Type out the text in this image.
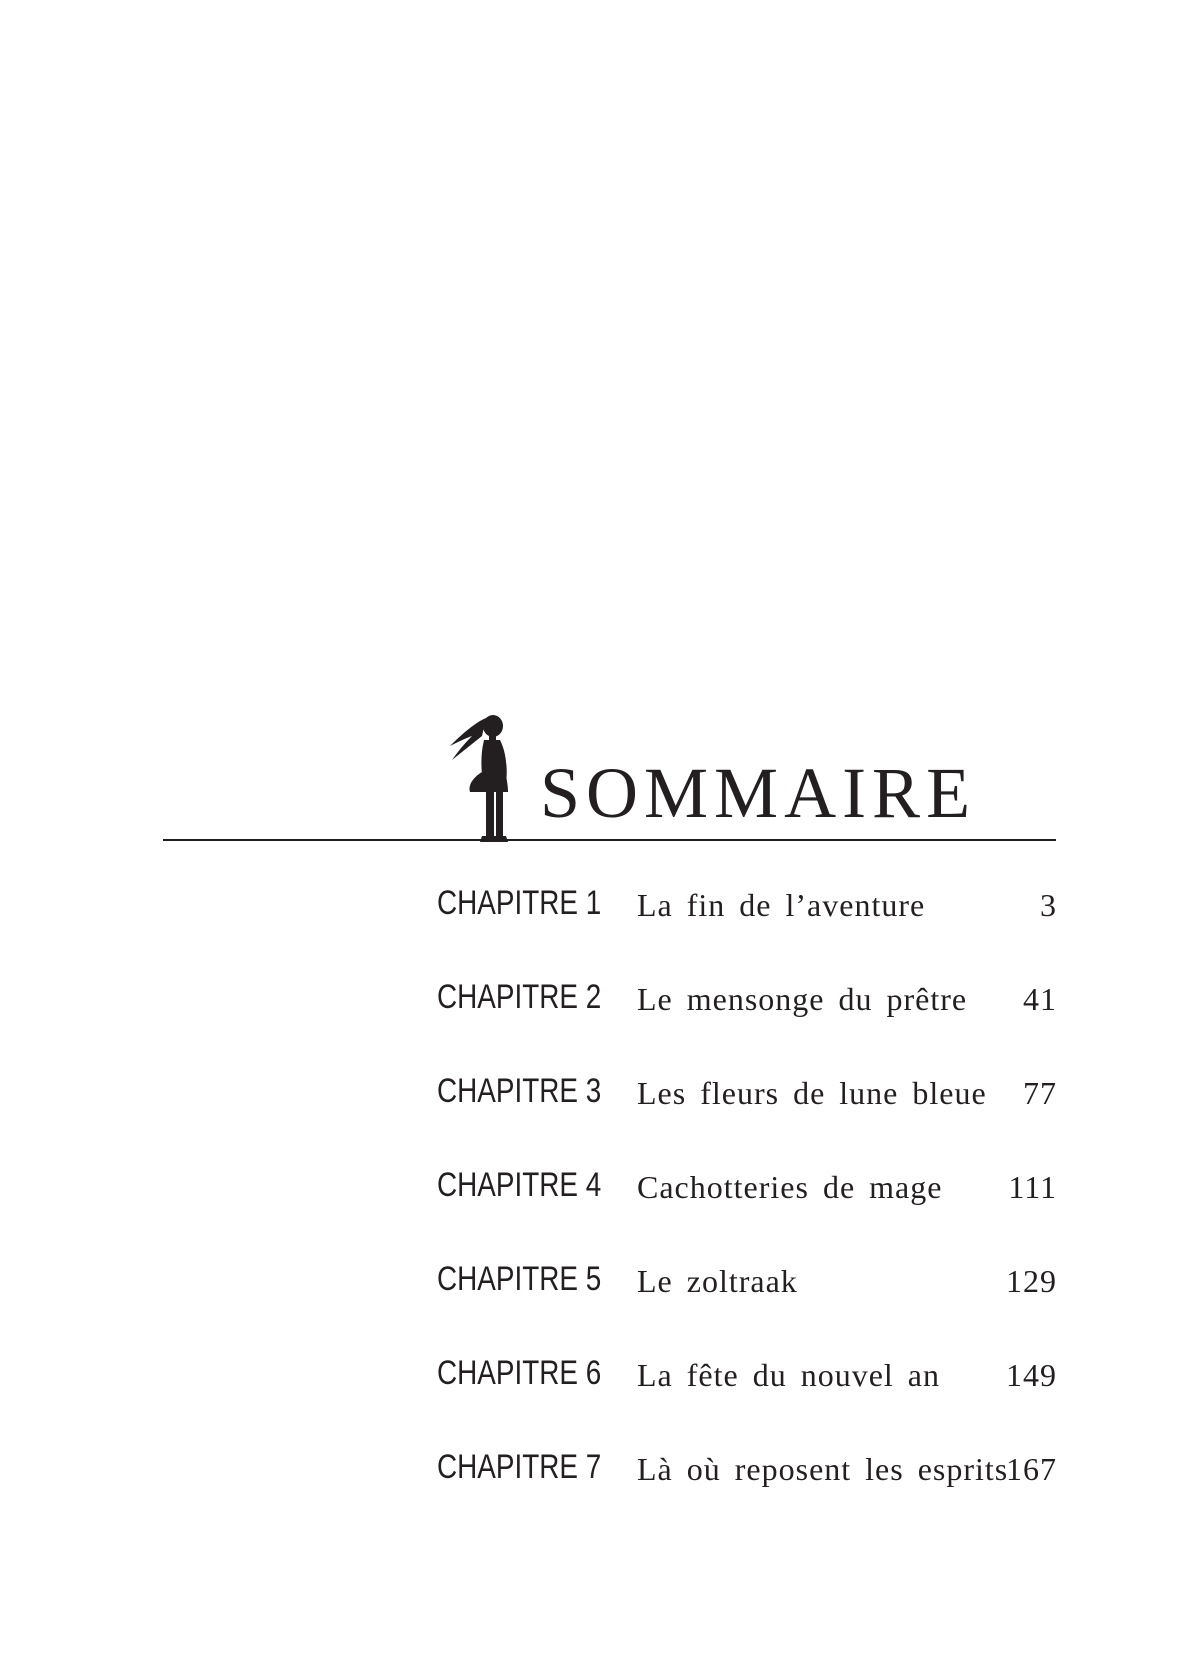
SOMMAIRE
CHAPITRE 1 La fin de l’aventure	3
CHAPITRE 2 Le mensonge du prêtre 41
CHAPITRE 3 Les fleurs de lune bleue 77
CHAPITRE 4 Cachotteries de mage 111
CHAPITRE 5 Le zoltraak	129
CHAPITRE 6 La fête du nouvel an 149
CHAPITRE 7 Là où reposent les esprits
167
